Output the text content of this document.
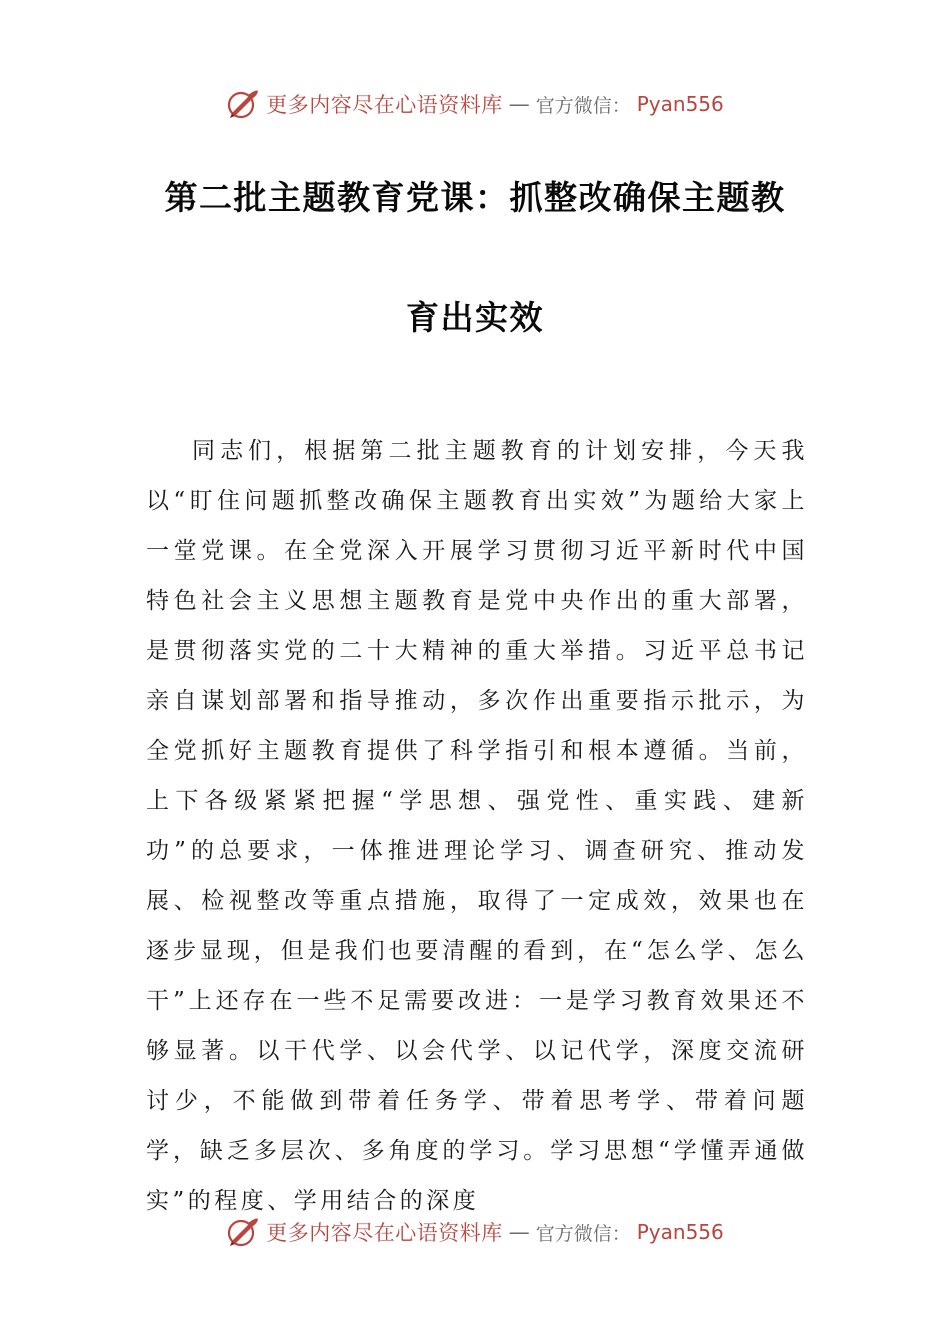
更多内容尽在心语资料库 — 官方微信： Pyan556
第二批主题教育党课：抓整改确保主题教
育出实效

同志们，根据第二批主题教育的计划安排，今天我以“盯住问题抓整改确保主题教育出实效”为题给大家上一堂党课。在全党深入开展学习贯彻习近平新时代中国特色社会主义思想主题教育是党中央作出的重大部署，是贯彻落实党的二十大精神的重大举措。习近平总书记亲自谋划部署和指导推动，多次作出重要指示批示，为全党抓好主题教育提供了科学指引和根本遵循。当前，上下各级紧紧把握“学思想、强党性、重实践、建新功”的总要求，一体推进理论学习、调查研究、推动发展、检视整改等重点措施，取得了一定成效，效果也在逐步显现，但是我们也要清醒的看到，在“怎么学、怎么干”上还存在一些不足需要改进：一是学习教育效果还不够显著。以干代学、以会代学、以记代学，深度交流研讨少，不能做到带着任务学、带着思考学、带着问题学，缺乏多层次、多角度的学习。学习思想“学懂弄通做实”的程度、学用结合的深度

更多内容尽在心语资料库 — 官方微信： Pyan556
